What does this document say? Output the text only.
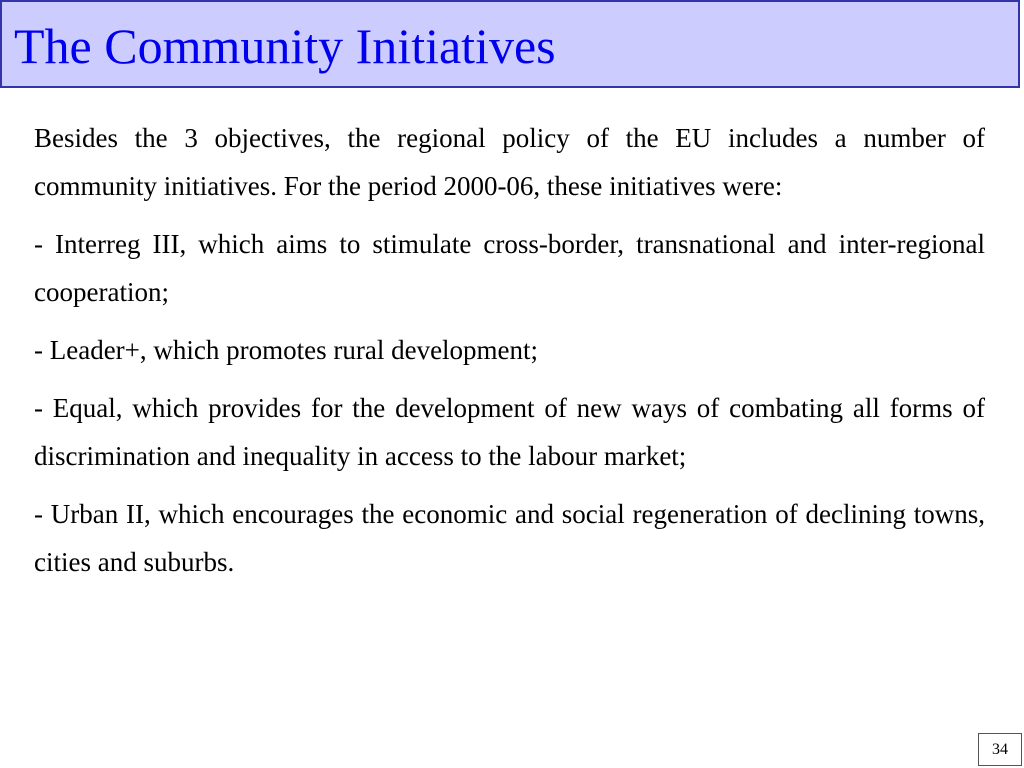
The Community Initiatives

Besides the 3 objectives, the regional policy of the EU includes a number of community initiatives. For the period 2000-06, these initiatives were:

- Interreg III, which aims to stimulate cross-border, transnational and inter-regional cooperation;

- Leader+, which promotes rural development;

- Equal, which provides for the development of new ways of combating all forms of discrimination and inequality in access to the labour market;

- Urban II, which encourages the economic and social regeneration of declining towns, cities and suburbs.

34
